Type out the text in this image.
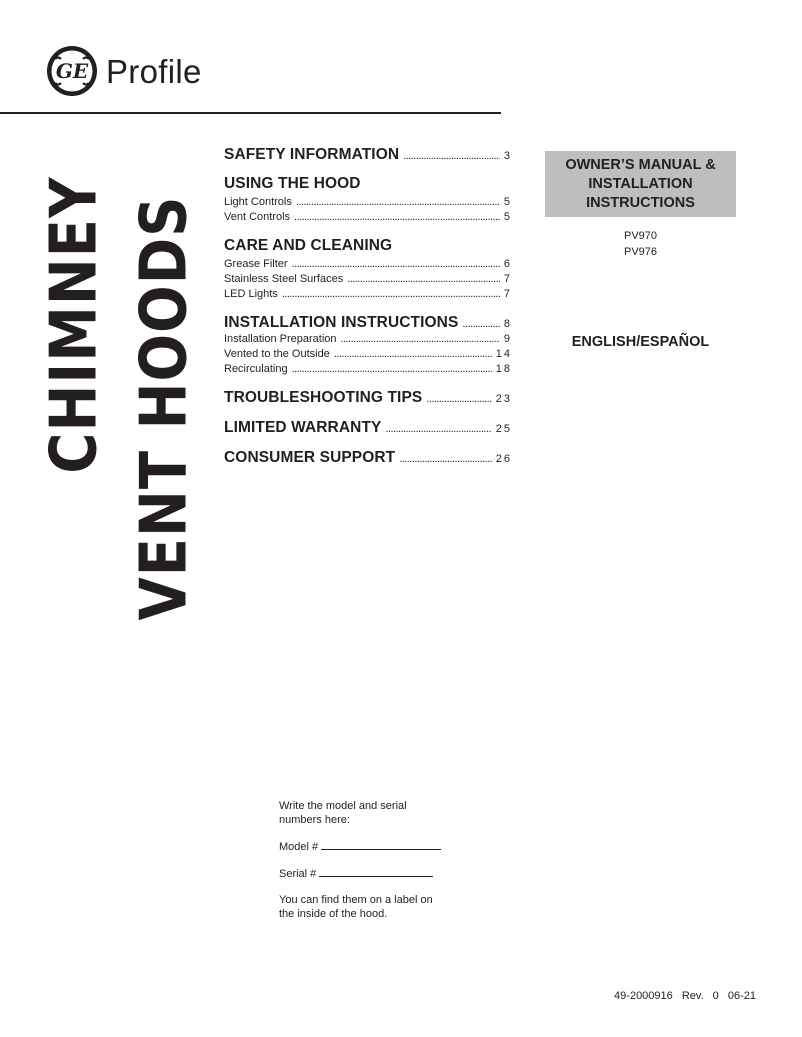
GE Profile
CHIMNEY VENT HOODS
SAFETY INFORMATION . . .	3
USING THE HOOD
Light Controls . . .	5
Vent Controls . . .	5
CARE AND CLEANING
Grease Filter . . .	6
Stainless Steel Surfaces . . .	7
LED Lights . . .	7
INSTALLATION INSTRUCTIONS . . .	8
Installation Preparation . . .	9
Vented to the Outside . . .	14
Recirculating . . .	18
TROUBLESHOOTING TIPS . . .	23
LIMITED WARRANTY . . .	25
CONSUMER SUPPORT . . .	26
OWNER’S MANUAL &
INSTALLATION
INSTRUCTIONS
PV970
PV976
ENGLISH/ESPAÑOL

Write the model and serial
numbers here:

Model #

Serial #

You can find them on a label on
the inside of the hood.

49-2000916 Rev. 0 06-21
